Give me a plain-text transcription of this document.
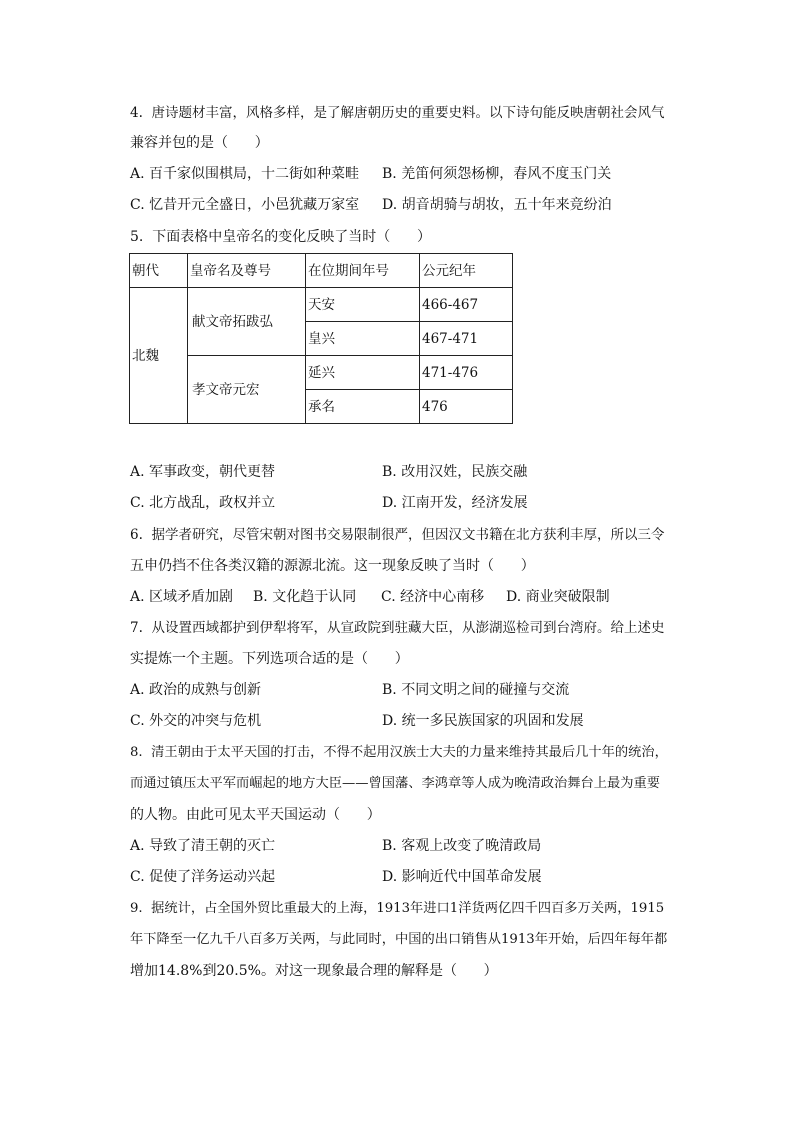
4.  唐诗题材丰富，风格多样，是了解唐朝历史的重要史料。以下诗句能反映唐朝社会风气
兼容并包的是（      ）
A. 百千家似围棋局，十二街如种菜畦 B. 羌笛何须怨杨柳，春风不度玉门关
C. 忆昔开元全盛日，小邑犹藏万家室 D. 胡音胡骑与胡妆，五十年来竞纷泊
5.  下面表格中皇帝名的变化反映了当时（      ）
朝代	皇帝名及尊号	在位期间年号	公元纪年
北魏	献文帝拓跋弘	天安	466-467
		皇兴	467-471
	孝文帝元宏	延兴	471-476
		承名	476
A. 军事政变，朝代更替	B. 改用汉姓，民族交融
C. 北方战乱，政权并立	D. 江南开发，经济发展
6.  据学者研究，尽管宋朝对图书交易限制很严，但因汉文书籍在北方获利丰厚，所以三令
五申仍挡不住各类汉籍的源源北流。这一现象反映了当时（      ）
A. 区域矛盾加剧 B. 文化趋于认同 C. 经济中心南移 D. 商业突破限制
7.  从设置西域都护到伊犁将军，从宣政院到驻藏大臣，从澎湖巡检司到台湾府。给上述史
实提炼一个主题。下列选项合适的是（      ）
A. 政治的成熟与创新	B. 不同文明之间的碰撞与交流
C. 外交的冲突与危机	D. 统一多民族国家的巩固和发展
8.  清王朝由于太平天国的打击，不得不起用汉族士大夫的力量来维持其最后几十年的统治，
而通过镇压太平军而崛起的地方大臣——曾国藩、李鸿章等人成为晚清政治舞台上最为重要
的人物。由此可见太平天国运动（      ）
A. 导致了清王朝的灭亡	B. 客观上改变了晚清政局
C. 促使了洋务运动兴起	D. 影响近代中国革命发展
9.  据统计，占全国外贸比重最大的上海，1913年进口1洋货两亿四千四百多万关两，1915
年下降至一亿九千八百多万关两，与此同时，中国的出口销售从1913年开始，后四年每年都
增加14.8%到20.5%。对这一现象最合理的解释是（      ）
